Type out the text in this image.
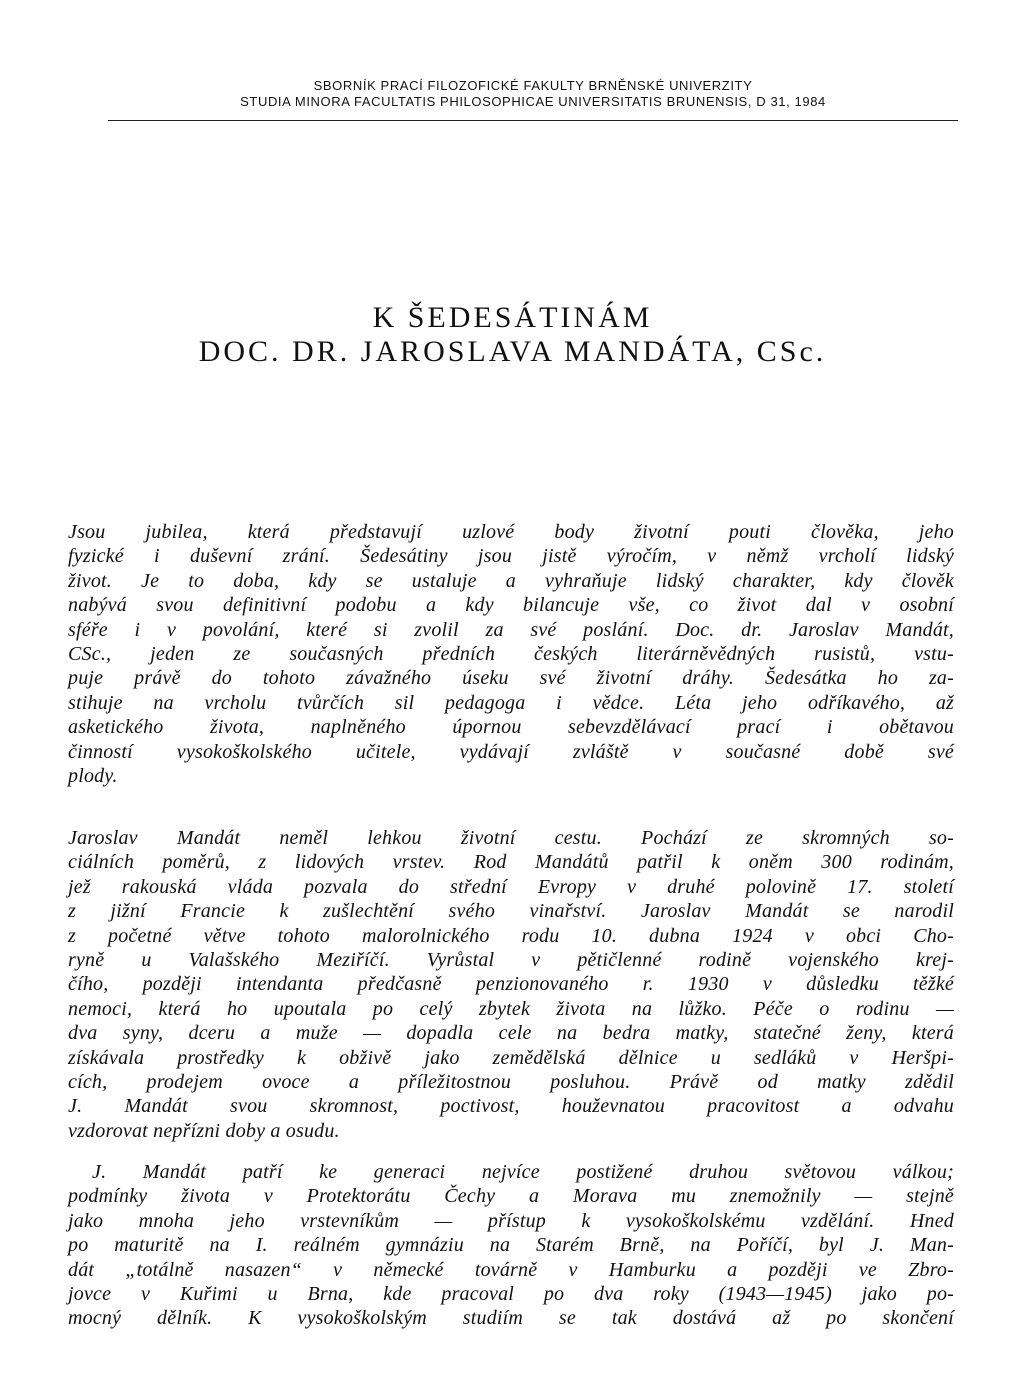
SBORNÍK PRACÍ FILOZOFICKÉ FAKULTY BRNĚNSKÉ UNIVERZITY
STUDIA MINORA FACULTATIS PHILOSOPHICAE UNIVERSITATIS BRUNENSIS, D 31, 1984
K ŠEDESÁTINÁM
DOC. DR. JAROSLAVA MANDÁTA, CSc.
Jsou jubilea, která představují uzlové body životní pouti člověka, jeho
fyzické i duševní zrání. Šedesátiny jsou jistě výročím, v němž vrcholí lidský
život. Je to doba, kdy se ustaluje a vyhraňuje lidský charakter, kdy člověk
nabývá svou definitivní podobu a kdy bilancuje vše, co život dal v osobní
sféře i v povolání, které si zvolil za své poslání. Doc. dr. Jaroslav Mandát,
CSc., jeden ze současných předních českých literárněvědných rusistů, vstu-
puje právě do tohoto závažného úseku své životní dráhy. Šedesátka ho za-
stihuje na vrcholu tvůrčích sil pedagoga i vědce. Léta jeho odříkavého, až
asketického života, naplněného úpornou sebevzdělávací prací i obětavou
činností vysokoškolského učitele, vydávají zvláště v současné době své
plody.
Jaroslav Mandát neměl lehkou životní cestu. Pochází ze skromných so-
ciálních poměrů, z lidových vrstev. Rod Mandátů patřil k oněm 300 rodinám,
jež rakouská vláda pozvala do střední Evropy v druhé polovině 17. století
z jižní Francie k zušlechtění svého vinařství. Jaroslav Mandát se narodil
z početné větve tohoto malorolnického rodu 10. dubna 1924 v obci Cho-
ryně u Valašského Meziříčí. Vyrůstal v pětičlenné rodině vojenského krej-
čího, později intendanta předčasně penzionovaného r. 1930 v důsledku těžké
nemoci, která ho upoutala po celý zbytek života na lůžko. Péče o rodinu —
dva syny, dceru a muže — dopadla cele na bedra matky, statečné ženy, která
získávala prostředky k obživě jako zemědělská dělnice u sedláků v Heršpi-
cích, prodejem ovoce a příležitostnou posluhou. Právě od matky zdědil
J. Mandát svou skromnost, poctivost, houževnatou pracovitost a odvahu
vzdorovat nepřízni doby a osudu.
J. Mandát patří ke generaci nejvíce postižené druhou světovou válkou;
podmínky života v Protektorátu Čechy a Morava mu znemožnily — stejně
jako mnoha jeho vrstevníkům — přístup k vysokoškolskému vzdělání. Hned
po maturitě na I. reálném gymnáziu na Starém Brně, na Poříčí, byl J. Man-
dát „totálně nasazen“ v německé továrně v Hamburku a později ve Zbro-
jovce v Kuřimi u Brna, kde pracoval po dva roky (1943—1945) jako po-
mocný dělník. K vysokoškolským studiím se tak dostává až po skončení
